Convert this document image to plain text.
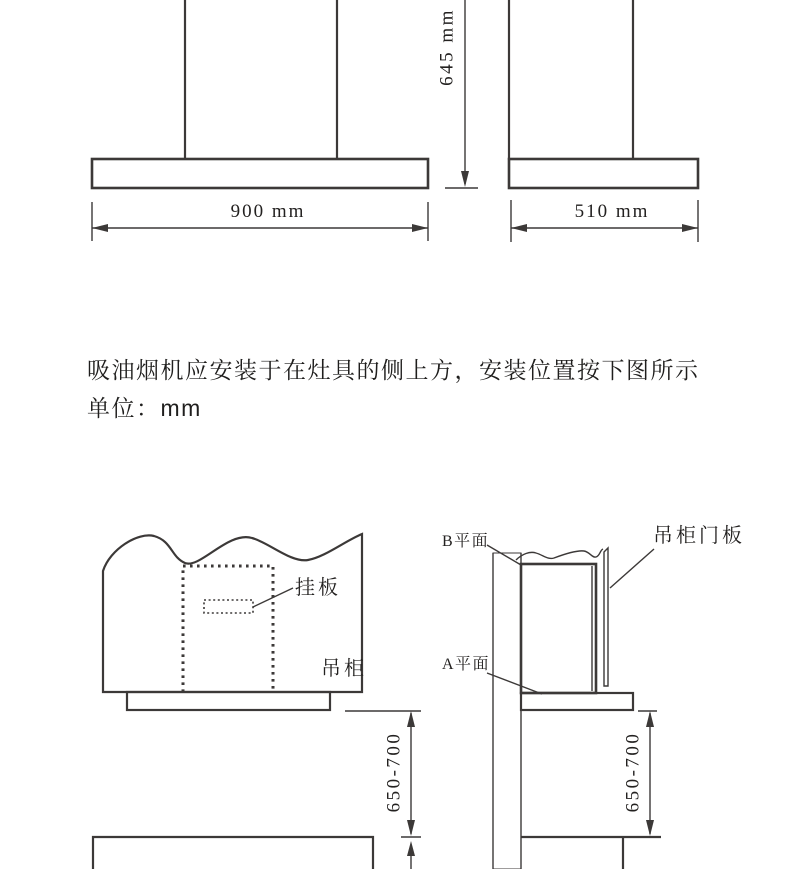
吸油烟机应安装于在灶具的侧上方，安装位置按下图所示
单位：mm
900 mm	510 mm
645 mm
挂板
吊柜
650-700
B平面
A平面
吊柜门板
650-700
